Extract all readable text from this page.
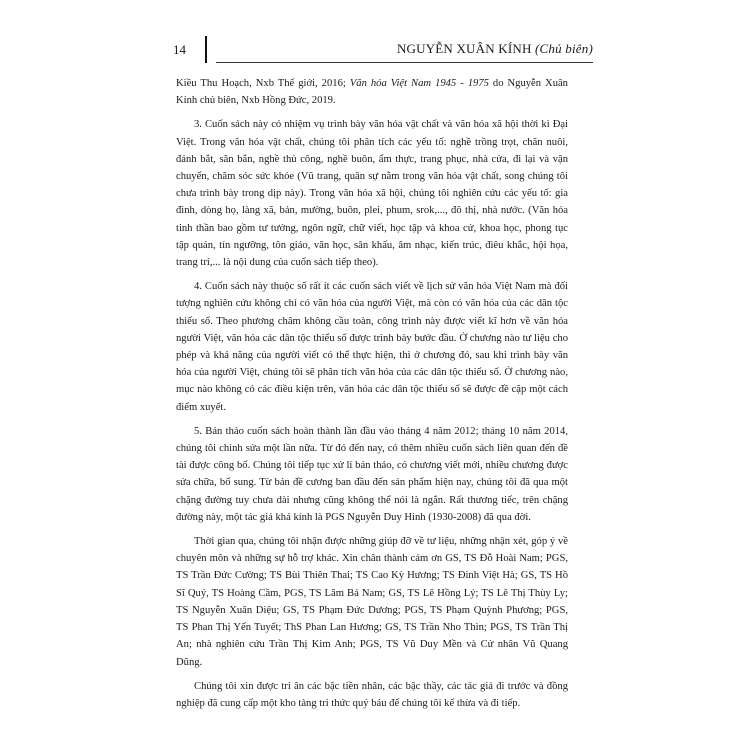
14	NGUYỄN XUÂN KÍNH (Chủ biên)

Kiều Thu Hoạch, Nxb Thế giới, 2016; Văn hóa Việt Nam 1945 - 1975 do Nguyễn Xuân Kính chủ biên, Nxb Hồng Đức, 2019.

3. Cuốn sách này có nhiệm vụ trình bày văn hóa vật chất và văn hóa xã hội thời kì Đại Việt. Trong văn hóa vật chất, chúng tôi phân tích các yếu tố: nghề trồng trọt, chăn nuôi, đánh bắt, săn bắn, nghề thủ công, nghề buôn, ẩm thực, trang phục, nhà cửa, đi lại và vận chuyển, chăm sóc sức khỏe (Vũ trang, quân sự nằm trong văn hóa vật chất, song chúng tôi chưa trình bày trong dịp này). Trong văn hóa xã hội, chúng tôi nghiên cứu các yếu tố: gia đình, dòng họ, làng xã, bản, mường, buôn, plei, phum, srok,..., đô thị, nhà nước. (Văn hóa tinh thần bao gồm tư tưởng, ngôn ngữ, chữ viết, học tập và khoa cử, khoa học, phong tục tập quán, tín ngưỡng, tôn giáo, văn học, sân khấu, âm nhạc, kiến trúc, điêu khắc, hội họa, trang trí,... là nội dung của cuốn sách tiếp theo).

4. Cuốn sách này thuộc số rất ít các cuốn sách viết về lịch sử văn hóa Việt Nam mà đối tượng nghiên cứu không chỉ có văn hóa của người Việt, mà còn có văn hóa của các dân tộc thiểu số. Theo phương châm không cầu toàn, công trình này được viết kĩ hơn về văn hóa người Việt, văn hóa các dân tộc thiểu số được trình bày bước đầu. Ở chương nào tư liệu cho phép và khả năng của người viết có thể thực hiện, thì ở chương đó, sau khi trình bày văn hóa của người Việt, chúng tôi sẽ phân tích văn hóa của các dân tộc thiểu số. Ở chương nào, mục nào không có các điều kiện trên, văn hóa các dân tộc thiểu số sẽ được đề cập một cách điểm xuyết.

5. Bản thảo cuốn sách hoàn thành lần đầu vào tháng 4 năm 2012; tháng 10 năm 2014, chúng tôi chỉnh sửa một lần nữa. Từ đó đến nay, có thêm nhiều cuốn sách liên quan đến đề tài được công bố. Chúng tôi tiếp tục xử lí bản thảo, có chương viết mới, nhiều chương được sửa chữa, bổ sung. Từ bản đề cương ban đầu đến sản phẩm hiện nay, chúng tôi đã qua một chặng đường tuy chưa dài nhưng cũng không thể nói là ngắn. Rất thương tiếc, trên chặng đường này, một tác giả khả kính là PGS Nguyễn Duy Hinh (1930-2008) đã qua đời.

Thời gian qua, chúng tôi nhận được những giúp đỡ về tư liệu, những nhận xét, góp ý về chuyên môn và những sự hỗ trợ khác. Xin chân thành cảm ơn GS, TS Đỗ Hoài Nam; PGS, TS Trần Đức Cường; TS Bùi Thiên Thai; TS Cao Kỳ Hương; TS Đinh Việt Hà; GS, TS Hồ Sĩ Quý, TS Hoàng Cầm, PGS, TS Lâm Bá Nam; GS, TS Lê Hồng Lý; TS Lê Thị Thùy Ly; TS Nguyễn Xuân Diệu; GS, TS Phạm Đức Dương; PGS, TS Phạm Quỳnh Phương; PGS, TS Phan Thị Yến Tuyết; ThS Phan Lan Hương; GS, TS Trần Nho Thìn; PGS, TS Trần Thị An; nhà nghiên cứu Trần Thị Kim Anh; PGS, TS Vũ Duy Mền và Cử nhân Vũ Quang Dũng.

Chúng tôi xin được tri ân các bậc tiền nhân, các bậc thầy, các tác giả đi trước và đồng nghiệp đã cung cấp một kho tàng tri thức quý báu để chúng tôi kế thừa và đi tiếp.
